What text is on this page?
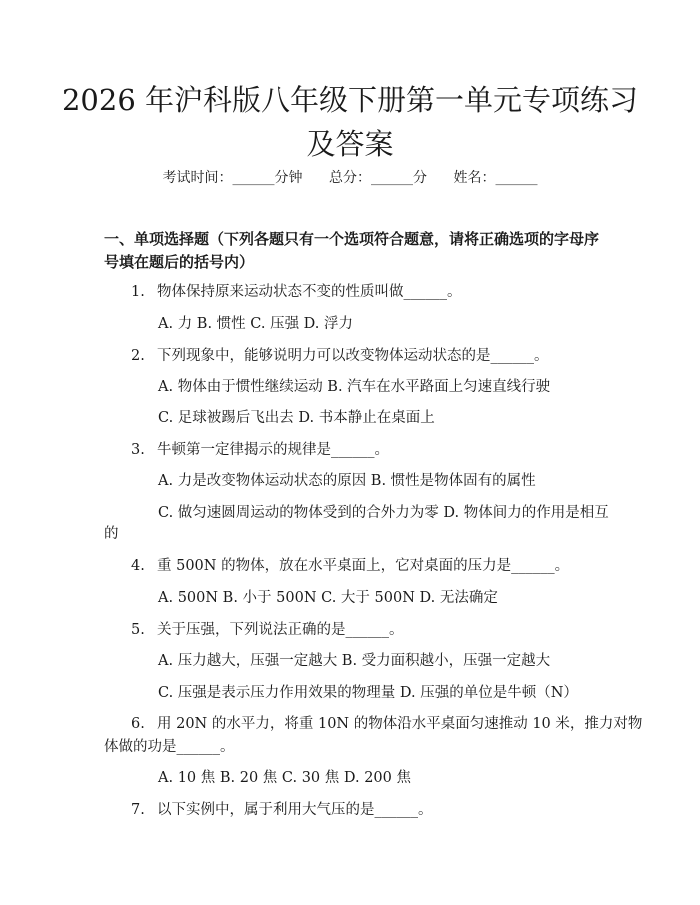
2026 年沪科版八年级下册第一单元专项练习
及答案
考试时间：______分钟 总分：______分 姓名：______
一、单项选择题（下列各题只有一个选项符合题意，请将正确选项的字母序号填在题后的括号内）
1. 物体保持原来运动状态不变的性质叫做______。
A. 力 B. 惯性 C. 压强 D. 浮力
2. 下列现象中，能够说明力可以改变物体运动状态的是______。
A. 物体由于惯性继续运动 B. 汽车在水平路面上匀速直线行驶
C. 足球被踢后飞出去 D. 书本静止在桌面上
3. 牛顿第一定律揭示的规律是______。
A. 力是改变物体运动状态的原因 B. 惯性是物体固有的属性
C. 做匀速圆周运动的物体受到的合外力为零 D. 物体间力的作用是相互
的
4. 重 500N 的物体，放在水平桌面上，它对桌面的压力是______。
A. 500N B. 小于 500N C. 大于 500N D. 无法确定
5. 关于压强，下列说法正确的是______。
A. 压力越大，压强一定越大 B. 受力面积越小，压强一定越大
C. 压强是表示压力作用效果的物理量 D. 压强的单位是牛顿（N）
6. 用 20N 的水平力，将重 10N 的物体沿水平桌面匀速推动 10 米，推力对物
体做的功是______。
A. 10 焦 B. 20 焦 C. 30 焦 D. 200 焦
7. 以下实例中，属于利用大气压的是______。
